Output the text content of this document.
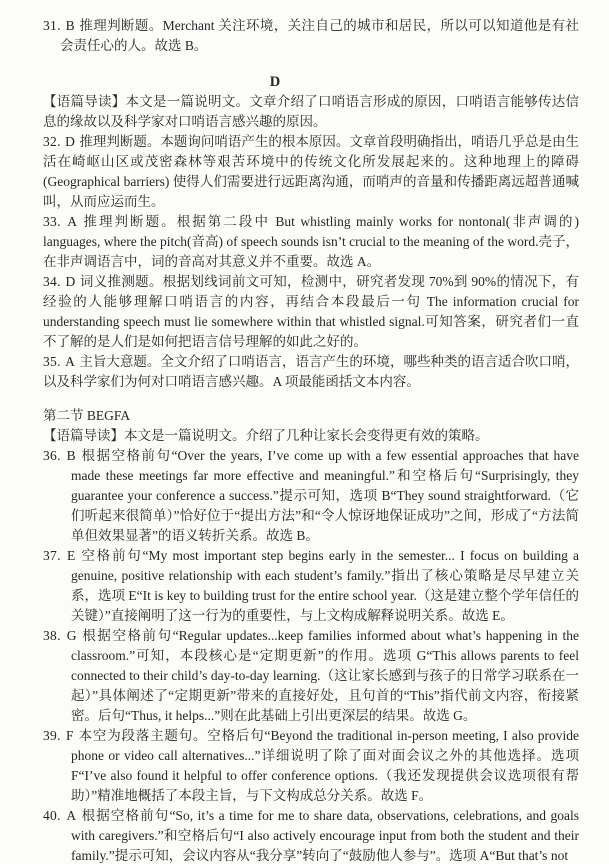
31. B 推理判断题。Merchant 关注环境，关注自己的城市和居民，所以可以知道他是有社会责任心的人。故选 B。

D

【语篇导读】本文是一篇说明文。文章介绍了口哨语言形成的原因，口哨语言能够传达信息的缘故以及科学家对口哨语言感兴趣的原因。

32. D 推理判断题。本题询问哨语产生的根本原因。文章首段明确指出，哨语几乎总是由生活在崎岖山区或茂密森林等艰苦环境中的传统文化所发展起来的。这种地理上的障碍(Geographical barriers) 使得人们需要进行远距离沟通，而哨声的音量和传播距离远超普通喊叫，从而应运而生。

33. A 推理判断题。根据第二段中 But whistling mainly works for nontonal(非声调的) languages, where the pitch(音高) of speech sounds isn’t crucial to the meaning of the word.壳子，在非声调语言中，词的音高对其意义并不重要。故选 A。

34. D 词义推测题。根据划线词前文可知，检测中，研究者发现 70%到 90%的情况下，有经验的人能够理解口哨语言的内容，再结合本段最后一句 The information crucial for understanding speech must lie somewhere within that whistled signal.可知答案，研究者们一直不了解的是人们是如何把语言信号理解的如此之好的。

35. A 主旨大意题。全文介绍了口哨语言，语言产生的环境，哪些种类的语言适合吹口哨，以及科学家们为何对口哨语言感兴趣。A 项最能函括文本内容。

第二节 BEGFA

【语篇导读】本文是一篇说明文。介绍了几种让家长会变得更有效的策略。

36. B 根据空格前句“Over the years, I’ve come up with a few essential approaches that have made these meetings far more effective and meaningful.”和空格后句“Surprisingly, they guarantee your conference a success.”提示可知，选项 B“They sound straightforward.（它们听起来很简单）”恰好位于“提出方法”和“令人惊讶地保证成功”之间，形成了“方法简单但效果显著”的语义转折关系。故选 B。

37. E 空格前句“My most important step begins early in the semester... I focus on building a genuine, positive relationship with each student’s family.”指出了核心策略是尽早建立关系，选项 E“It is key to building trust for the entire school year.（这是建立整个学年信任的关键）”直接阐明了这一行为的重要性，与上文构成解释说明关系。故选 E。

38. G 根据空格前句“Regular updates...keep families informed about what’s happening in the classroom.”可知，本段核心是“定期更新”的作用。选项 G“This allows parents to feel connected to their child’s day-to-day learning.（这让家长感到与孩子的日常学习联系在一起）”具体阐述了“定期更新”带来的直接好处，且句首的“This”指代前文内容，衔接紧密。后句“Thus, it helps...”则在此基础上引出更深层的结果。故选 G。

39. F 本空为段落主题句。空格后句“Beyond the traditional in-person meeting, I also provide phone or video call alternatives...”详细说明了除了面对面会议之外的其他选择。选项 F“I’ve also found it helpful to offer conference options.（我还发现提供会议选项很有帮助）”精准地概括了本段主旨，与下文构成总分关系。故选 F。

40. A 根据空格前句“So, it’s a time for me to share data, observations, celebrations, and goals with caregivers.”和空格后句“I also actively encourage input from both the student and their family.”提示可知，会议内容从“我分享”转向了“鼓励他人参与”。选项 A“But that’s not
